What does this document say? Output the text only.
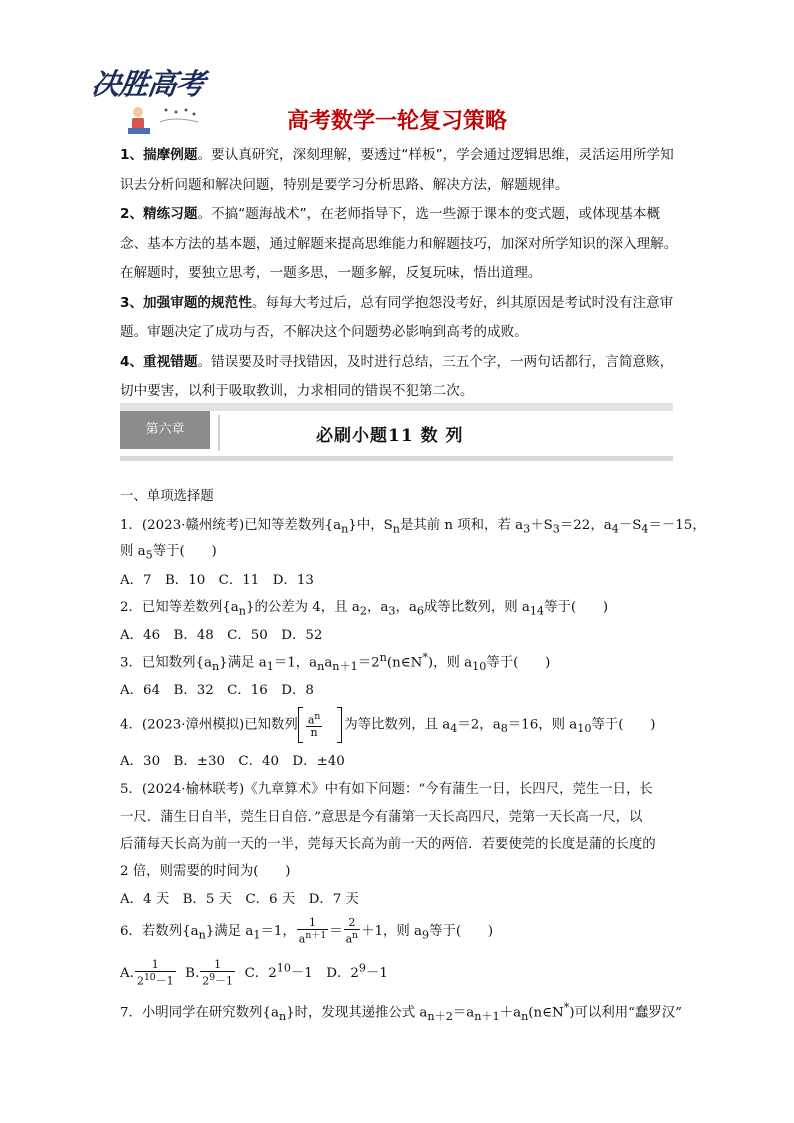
决胜高考
高考数学一轮复习策略

1、揣摩例题。要认真研究，深刻理解，要透过“样板”，学会通过逻辑思维，灵活运用所学知识去分析问题和解决问题，特别是要学习分析思路、解决方法，解题规律。

2、精练习题。不搞“题海战术”，在老师指导下，选一些源于课本的变式题，或体现基本概念、基本方法的基本题，通过解题来提高思维能力和解题技巧，加深对所学知识的深入理解。在解题时，要独立思考，一题多思，一题多解，反复玩味，悟出道理。

3、加强审题的规范性。每每大考过后，总有同学抱怨没考好，纠其原因是考试时没有注意审题。审题决定了成功与否，不解决这个问题势必影响到高考的成败。

4、重视错题。错误要及时寻找错因，及时进行总结，三五个字，一两句话都行，言简意赅，切中要害，以利于吸取教训，力求相同的错误不犯第二次。

第六章	必刷小题11 数 列
一、单项选择题
1．(2023·赣州统考)已知等差数列$\{a_n\}$中，$S_n$是其前 n 项和，若 $a_3+S_3=22$，$a_4-S_4=-15$，
则 $a_5$等于(　　)
A．7　B．10　C．11　D．13
2．已知等差数列$\{a_n\}$的公差为 4，且 $a_2$，$a_3$，$a_6$成等比数列，则 $a_{14}$等于(　　)
A．46　B．48　C．50　D．52
3．已知数列$\{a_n\}$满足 $a_1=1$，$a_na_{n+1}=2^n(n\in N^*)$，则 $a_{10}$等于(　　)
A．64　B．32　C．16　D．8
4．(2023·漳州模拟)已知数列 $\frac{a^n}{n}$ 为等比数列，且 $a_4=2$，$a_8=16$，则 $a_{10}$等于(　　)
A．30　B．±30　C．40　D．±40
5．(2024·榆林联考)《九章算术》中有如下问题：“今有蒲生一日，长四尺，莞生一日，长
一尺．蒲生日自半，莞生日自倍．”意思是今有蒲第一天长高四尺，莞第一天长高一尺，以
后蒲每天长高为前一天的一半，莞每天长高为前一天的两倍．若要使莞的长度是蒲的长度的
2 倍，则需要的时间为(　　)
A．4 天　B．5 天　C．6 天　D．7 天
6．若数列$\{a_n\}$满足 $a_1=1$， $\frac{1}{a^{n+1}} = \frac{2}{a^n} +1$，则 $a_9$等于(　　)
A. $\frac{1}{2^{10}-1} B$. $\frac{1}{2^9-1}$ C．$2^{10}-1$　D．$2^9-1$
7．小明同学在研究数列$\{a_n\}$时，发现其递推公式 $a_{n+2}=a_{n+1}+a_n(n\in N^*)$可以利用“蠢罗汉”
